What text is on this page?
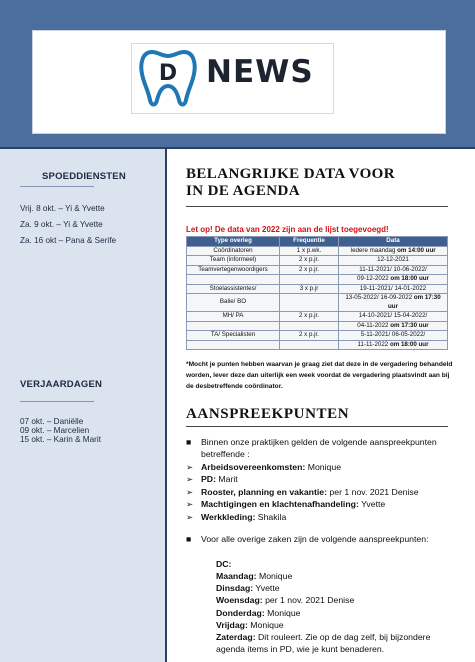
D NEWS
SPOEDDIENSTEN
Vrij. 8 okt. – Yi & Yvette
Za. 9 okt. – Yi & Yvette
Za. 16 okt – Pana & Serife
VERJAARDAGEN
07 okt. – Daniëlle
09 okt. – Marcelien
15 okt. – Karin & Marit
BELANGRIJKE DATA VOOR
IN DE AGENDA
Let op! De data van 2022 zijn aan de lijst toegevoegd!
Type overleg	Frequentie	Data
Coördinatoren	1 x p.wk.	Iedere maandag om 14:00 uur
Team (informeel)	2 x p.jr.	12-12-2021
Teamvertegenwoordigers	2 x p.jr.	11-11-2021/ 10-06-2022/
		09-12-2022 om 18:00 uur
Stoelassistentes/	3 x p.jr	19-11-2021/ 14-01-2022
Balie/ BO		13-05-2022/ 16-09-2022 om 17:30 uur
MH/ PA	2 x p.jr.	14-10-2021/ 15-04-2022/
		04-11-2022 om 17:30 uur
TA/ Specialisten	2 x p.jr.	5-11-2021/ 06-05-2022/
		11-11-2022 om 18:00 uur
*Mocht je punten hebben waarvan je graag ziet dat deze in de vergadering behandeld worden, lever deze dan uiterlijk een week voordat de vergadering plaatsvindt aan bij de desbetreffende coördinator.
AANSPREEKPUNTEN
■ Binnen onze praktijken gelden de volgende aanspreekpunten
betreffende :
➢ Arbeidsovereenkomsten: Monique
➢ PD: Marit
➢ Rooster, planning en vakantie: per 1 nov. 2021 Denise
➢ Machtigingen en klachtenafhandeling: Yvette
➢ Werkkleding: Shakila
■ Voor alle overige zaken zijn de volgende aanspreekpunten:
DC:
Maandag: Monique
Dinsdag: Yvette
Woensdag: per 1 nov. 2021 Denise
Donderdag: Monique
Vrijdag: Monique
Zaterdag: Dit rouleert. Zie op de dag zelf, bij bijzondere
agenda items in PD, wie je kunt benaderen.
